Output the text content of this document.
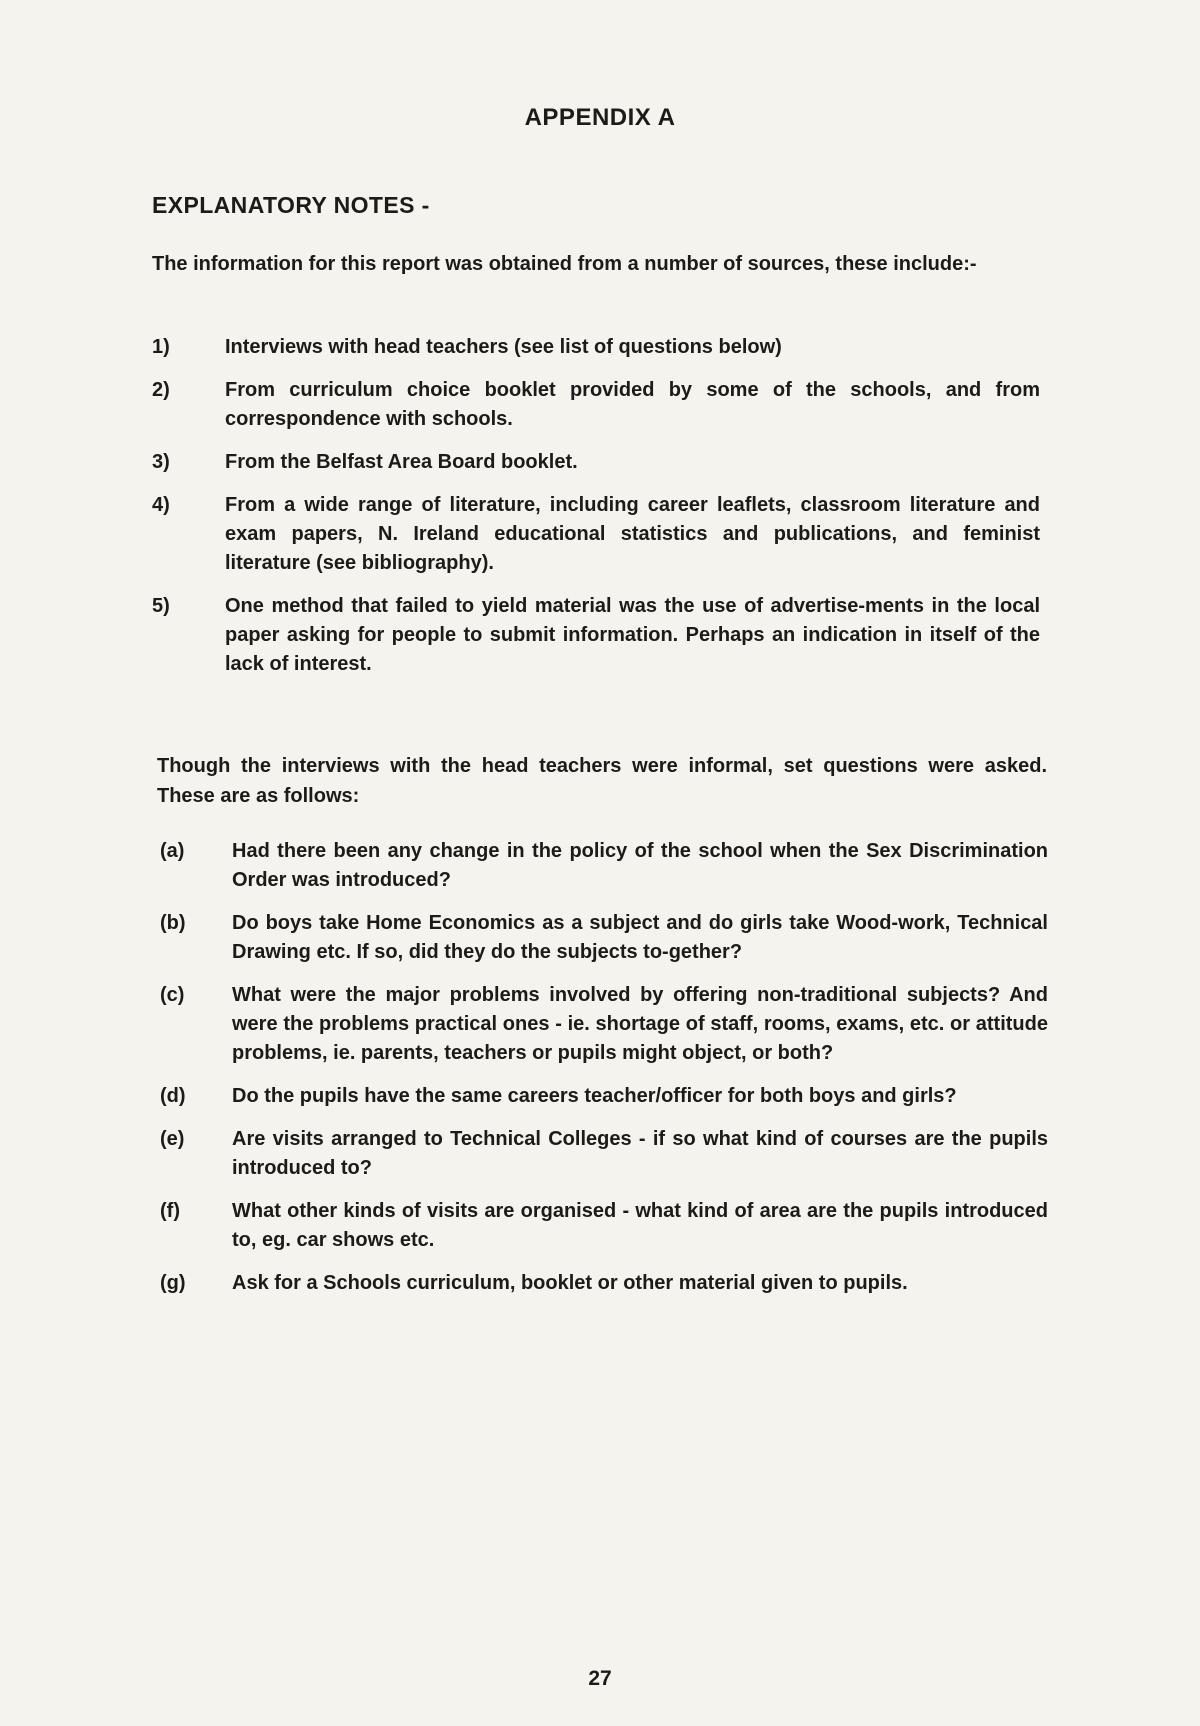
APPENDIX A
EXPLANATORY NOTES -
The information for this report was obtained from a number of sources, these include:-
1)	Interviews with head teachers (see list of questions below)
2)	From curriculum choice booklet provided by some of the schools, and from correspondence with schools.
3)	From the Belfast Area Board booklet.
4)	From a wide range of literature, including career leaflets, classroom literature and exam papers, N. Ireland educational statistics and publications, and feminist literature (see bibliography).
5)	One method that failed to yield material was the use of advertise-ments in the local paper asking for people to submit information. Perhaps an indication in itself of the lack of interest.
Though the interviews with the head teachers were informal, set questions were asked. These are as follows:
(a) Had there been any change in the policy of the school when the Sex Discrimination Order was introduced?
(b) Do boys take Home Economics as a subject and do girls take Wood-work, Technical Drawing etc. If so, did they do the subjects to-gether?
(c) What were the major problems involved by offering non-traditional subjects? And were the problems practical ones - ie. shortage of staff, rooms, exams, etc. or attitude problems, ie. parents, teachers or pupils might object, or both?
(d) Do the pupils have the same careers teacher/officer for both boys and girls?
(e) Are visits arranged to Technical Colleges - if so what kind of courses are the pupils introduced to?
(f)	What other kinds of visits are organised - what kind of area are the pupils introduced to, eg. car shows etc.
(g) Ask for a Schools curriculum, booklet or other material given to pupils.
27
